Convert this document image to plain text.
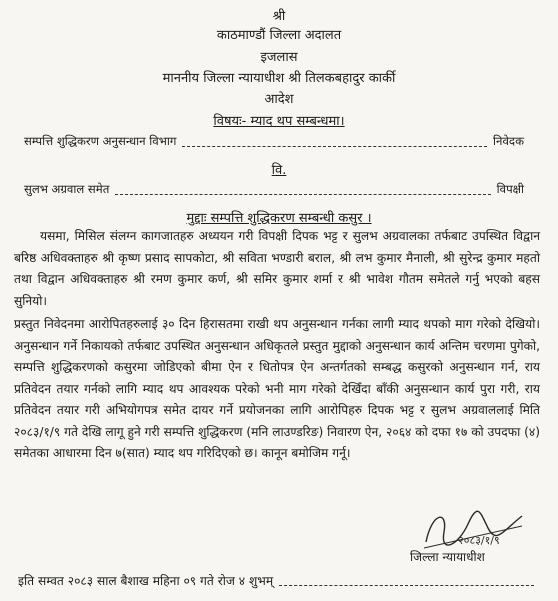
श्री
काठमाण्डौं जिल्ला अदालत
इजलास
माननीय जिल्ला न्यायाधीश श्री तिलकबहादुर कार्की
आदेश
विषयः- म्याद थप सम्बन्धमा।
सम्पत्ति शुद्धिकरण अनुसन्धान विभाग	निवेदक
वि.
सुलभ अग्रवाल समेत	विपक्षी
मुद्दाः सम्पत्ति शुद्धिकरण सम्बन्धी कसुर ।
यसमा, मिसिल संलग्न कागजातहरु अध्ययन गरी विपक्षी दिपक भट्ट र सुलभ अग्रवालका तर्फबाट उपस्थित विद्वान बरिष्ठ अधिवक्ताहरु श्री कृष्ण प्रसाद सापकोटा, श्री सविता भण्डारी बराल, श्री लभ कुमार मैनाली, श्री सुरेन्द्र कुमार महतो तथा विद्वान अधिवक्ताहरु श्री रमण कुमार कर्ण, श्री समिर कुमार शर्मा र श्री भावेश गौतम समेतले गर्नु भएको बहस सुनियो।
प्रस्तुत निवेदनमा आरोपितहरुलाई ३० दिन हिरासतमा राखी थप अनुसन्धान गर्नका लागी म्याद थपको माग गरेको देखियो। अनुसन्धान गर्ने निकायको तर्फबाट उपस्थित अनुसन्धान अधिकृतले प्रस्तुत मुद्दाको अनुसन्धान कार्य अन्तिम चरणमा पुगेको, सम्पत्ति शुद्धिकरणको कसुरमा जोडिएको बीमा ऐन र धितोपत्र ऐन अन्तर्गतको सम्बद्ध कसुरको अनुसन्धान गर्न, राय प्रतिवेदन तयार गर्नको लागि म्याद थप आवश्यक परेको भनी माग गरेको देखिँदा बाँकी अनुसन्धान कार्य पुरा गरी, राय प्रतिवेदन तयार गरी अभियोगपत्र समेत दायर गर्ने प्रयोजनका लागि आरोपिहरु दिपक भट्ट र सुलभ अग्रवाललाई मिति २०८३/१/९ गते देखि लागू हुने गरी सम्पत्ति शुद्धिकरण (मनि लाउण्डरिङ) निवारण ऐन, २०६४ को दफा १७ को उपदफा (४) समेतका आधारमा दिन ७(सात) म्याद थप गरिदिएको छ। कानून बमोजिम गर्नू।
२०८३/१/९
जिल्ला न्यायाधीश
इति सम्वत २०८३ साल बैशाख महिना ०९ गते रोज ४ शुभम्
